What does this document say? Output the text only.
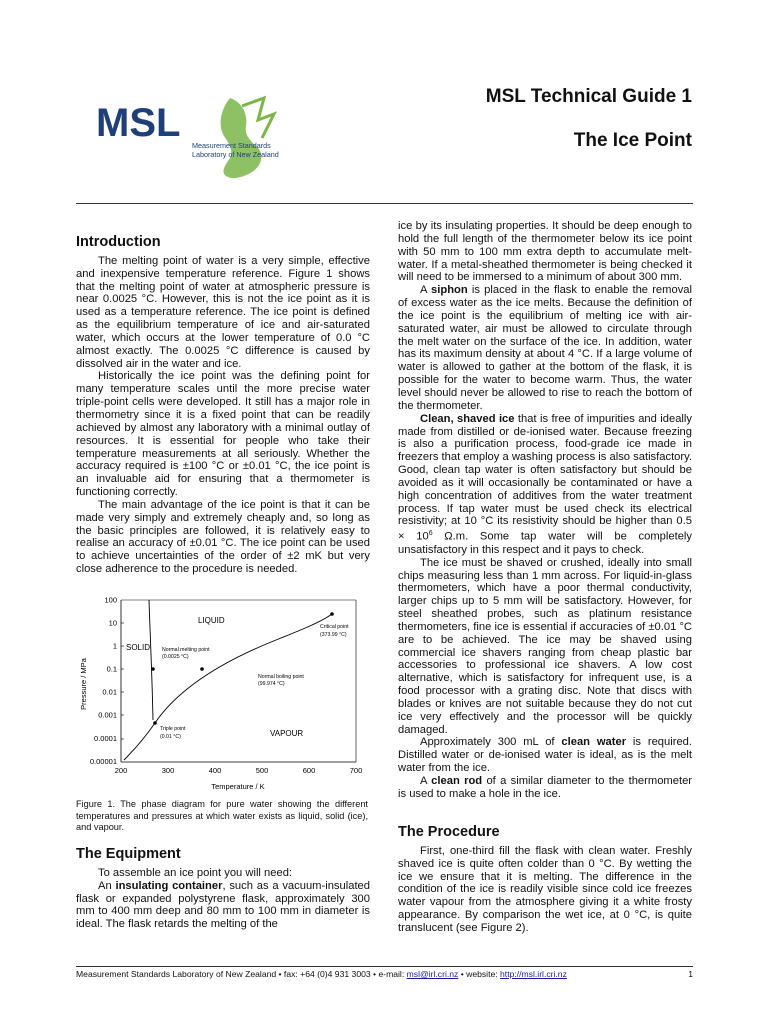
MSL
Measurement Standards
Laboratory of New Zealand
MSL Technical Guide 1
The Ice Point
Introduction

The melting point of water is a very simple, effective and inexpensive temperature reference. Figure 1 shows that the melting point of water at atmospheric pressure is near 0.0025 °C. However, this is not the ice point as it is used as a temperature reference. The ice point is defined as the equilibrium temperature of ice and air-saturated water, which occurs at the lower temperature of 0.0 °C almost exactly. The 0.0025 °C difference is caused by dissolved air in the water and ice.

Historically the ice point was the defining point for many temperature scales until the more precise water triple-point cells were developed. It still has a major role in thermometry since it is a fixed point that can be readily achieved by almost any laboratory with a minimal outlay of resources. It is essential for people who take their temperature measurements at all seriously. Whether the accuracy required is ±100 °C or ±0.01 °C, the ice point is an invaluable aid for ensuring that a thermometer is functioning correctly.

The main advantage of the ice point is that it can be made very simply and extremely cheaply and, so long as the basic principles are followed, it is relatively easy to realise an accuracy of ±0.01 °C. The ice point can be used to achieve uncertainties of the order of ±2 mK but very close adherence to the procedure is needed.

100
10
1
0.1
0.01
0.001
0.0001
0.00001
200	300	400	500	600	700
Temperature / K
Pressure / MPa
LIQUID
SOLID
VAPOUR
Normal melting point
(0.0025 °C)
Normal boiling point
(99.974 °C)
Critical point
(373.99 °C)
Triple point
(0.01 °C)
Figure 1. The phase diagram for pure water showing the different temperatures and pressures at which water exists as liquid, solid (ice), and vapour.
The Equipment

To assemble an ice point you will need:

An insulating container, such as a vacuum-insulated flask or expanded polystyrene flask, approximately 300 mm to 400 mm deep and 80 mm to 100 mm in diameter is ideal. The flask retards the melting of the

ice by its insulating properties. It should be deep enough to hold the full length of the thermometer below its ice point with 50 mm to 100 mm extra depth to accumulate melt-water. If a metal-sheathed thermometer is being checked it will need to be immersed to a minimum of about 300 mm.

A siphon is placed in the flask to enable the removal of excess water as the ice melts. Because the definition of the ice point is the equilibrium of melting ice with air-saturated water, air must be allowed to circulate through the melt water on the surface of the ice. In addition, water has its maximum density at about 4 °C. If a large volume of water is allowed to gather at the bottom of the flask, it is possible for the water to become warm. Thus, the water level should never be allowed to rise to reach the bottom of the thermometer.

Clean, shaved ice that is free of impurities and ideally made from distilled or de-ionised water. Because freezing is also a purification process, food-grade ice made in freezers that employ a washing process is also satisfactory. Good, clean tap water is often satisfactory but should be avoided as it will occasionally be contaminated or have a high concentration of additives from the water treatment process. If tap water must be used check its electrical resistivity; at 10 °C its resistivity should be higher than $0.5 \times 10^6$ Ω.m. Some tap water will be completely unsatisfactory in this respect and it pays to check.

The ice must be shaved or crushed, ideally into small chips measuring less than 1 mm across. For liquid-in-glass thermometers, which have a poor thermal conductivity, larger chips up to 5 mm will be satisfactory. However, for steel sheathed probes, such as platinum resistance thermometers, fine ice is essential if accuracies of ±0.01 °C are to be achieved. The ice may be shaved using commercial ice shavers ranging from cheap plastic bar accessories to professional ice shavers. A low cost alternative, which is satisfactory for infrequent use, is a food processor with a grating disc. Note that discs with blades or knives are not suitable because they do not cut ice very effectively and the processor will be quickly damaged.

Approximately 300 mL of clean water is required. Distilled water or de-ionised water is ideal, as is the melt water from the ice.

A clean rod of a similar diameter to the thermometer is used to make a hole in the ice.

The Procedure

First, one-third fill the flask with clean water. Freshly shaved ice is quite often colder than 0 °C. By wetting the ice we ensure that it is melting. The difference in the condition of the ice is readily visible since cold ice freezes water vapour from the atmosphere giving it a white frosty appearance. By comparison the wet ice, at 0 °C, is quite translucent (see Figure 2).

Measurement Standards Laboratory of New Zealand • fax: +64 (0)4 931 3003 • e-mail: msl@irl.cri.nz • website: http://msl.irl.cri.nz	1
